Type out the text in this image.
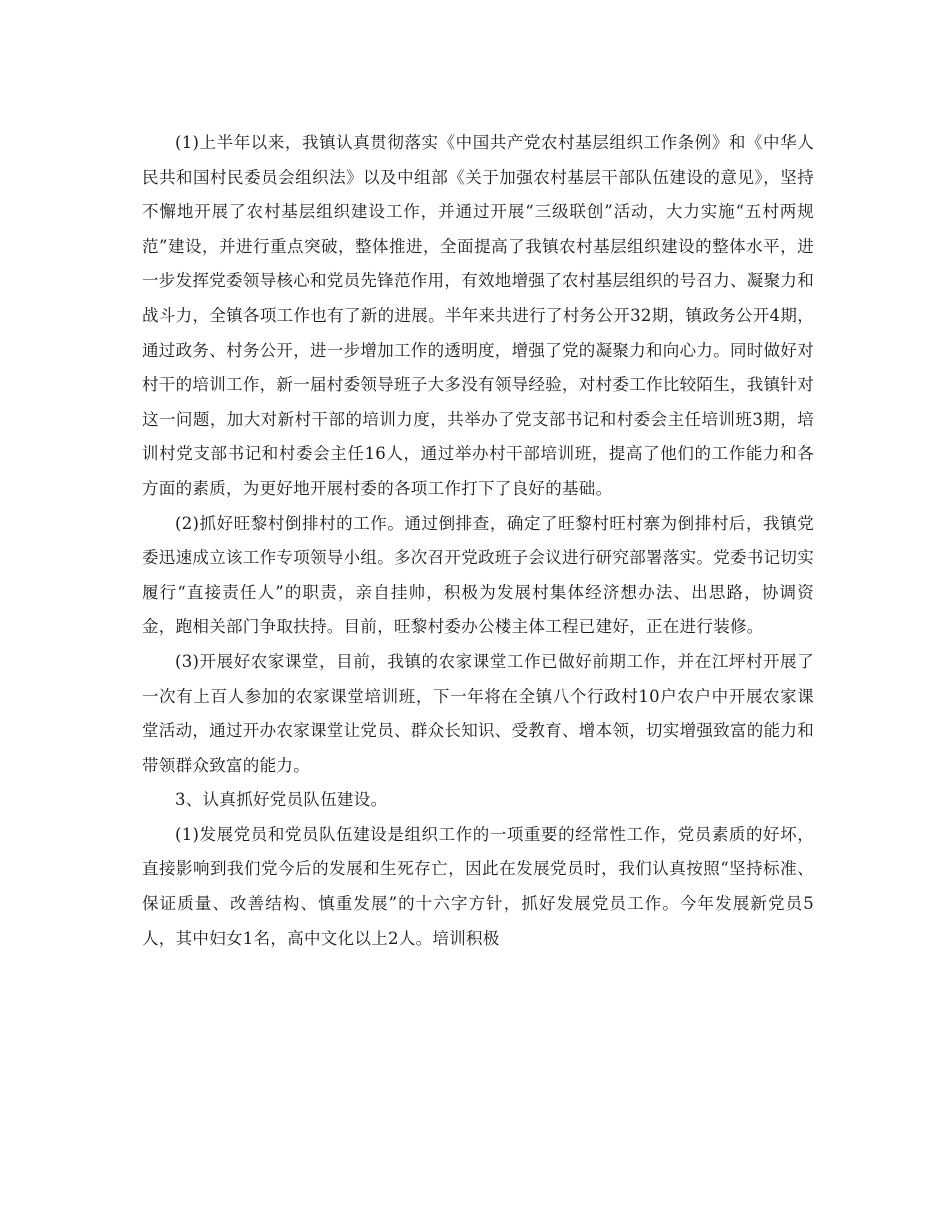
(1)上半年以来，我镇认真贯彻落实《中国共产党农村基层组织工作条例》和《中华人民共和国村民委员会组织法》以及中组部《关于加强农村基层干部队伍建设的意见》，坚持不懈地开展了农村基层组织建设工作，并通过开展“三级联创”活动，大力实施“五村两规范”建设，并进行重点突破，整体推进，全面提高了我镇农村基层组织建设的整体水平，进一步发挥党委领导核心和党员先锋范作用，有效地增强了农村基层组织的号召力、凝聚力和战斗力，全镇各项工作也有了新的进展。半年来共进行了村务公开32期，镇政务公开4期，通过政务、村务公开，进一步增加工作的透明度，增强了党的凝聚力和向心力。同时做好对村干的培训工作，新一届村委领导班子大多没有领导经验，对村委工作比较陌生，我镇针对这一问题，加大对新村干部的培训力度，共举办了党支部书记和村委会主任培训班3期，培训村党支部书记和村委会主任16人，通过举办村干部培训班，提高了他们的工作能力和各方面的素质，为更好地开展村委的各项工作打下了良好的基础。

(2)抓好旺黎村倒排村的工作。通过倒排查，确定了旺黎村旺村寨为倒排村后，我镇党委迅速成立该工作专项领导小组。多次召开党政班子会议进行研究部署落实。党委书记切实履行“直接责任人”的职责，亲自挂帅，积极为发展村集体经济想办法、出思路，协调资金，跑相关部门争取扶持。目前，旺黎村委办公楼主体工程已建好，正在进行装修。

(3)开展好农家课堂，目前，我镇的农家课堂工作已做好前期工作，并在江坪村开展了一次有上百人参加的农家课堂培训班，下一年将在全镇八个行政村10户农户中开展农家课堂活动，通过开办农家课堂让党员、群众长知识、受教育、增本领，切实增强致富的能力和带领群众致富的能力。

3、认真抓好党员队伍建设。

(1)发展党员和党员队伍建设是组织工作的一项重要的经常性工作，党员素质的好坏，直接影响到我们党今后的发展和生死存亡，因此在发展党员时，我们认真按照“坚持标准、保证质量、改善结构、慎重发展”的十六字方针，抓好发展党员工作。今年发展新党员5人，其中妇女1名，高中文化以上2人。培训积极
